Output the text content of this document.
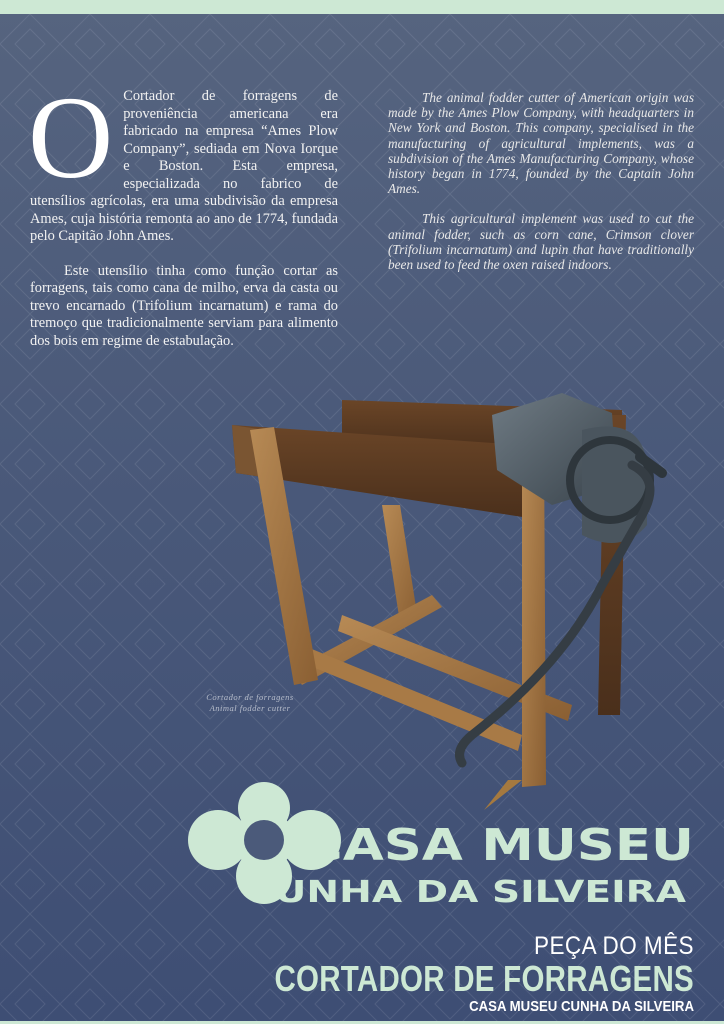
O Cortador de forragens de proveniência americana era fabricado na empresa “Ames Plow Company”, sediada em Nova Iorque e Boston. Esta empresa, especializada no fabrico de utensílios agrícolas, era uma subdivisão da empresa Ames, cuja história remonta ao ano de 1774, fundada pelo Capitão John Ames.

Este utensílio tinha como função cortar as forragens, tais como cana de milho, erva da casta ou trevo encarnado (Trifolium incarnatum) e rama do tremoço que tradicionalmente serviam para alimento dos bois em regime de estabulação.

The animal fodder cutter of American origin was made by the Ames Plow Company, with headquarters in New York and Boston. This company, specialised in the manufacturing of agricultural implements, was a subdivision of the Ames Manufacturing Company, whose history began in 1774, founded by the Captain John Ames.

This agricultural implement was used to cut the animal fodder, such as corn cane, Crimson clover (Trifolium incarnatum) and lupin that have traditionally been used to feed the oxen raised indoors.

Cortador de forragens
Animal fodder cutter
CASA MUSEU
CUNHA DA SILVEIRA
PEÇA DO MÊS
CORTADOR DE FORRAGENS
CASA MUSEU CUNHA DA SILVEIRA
